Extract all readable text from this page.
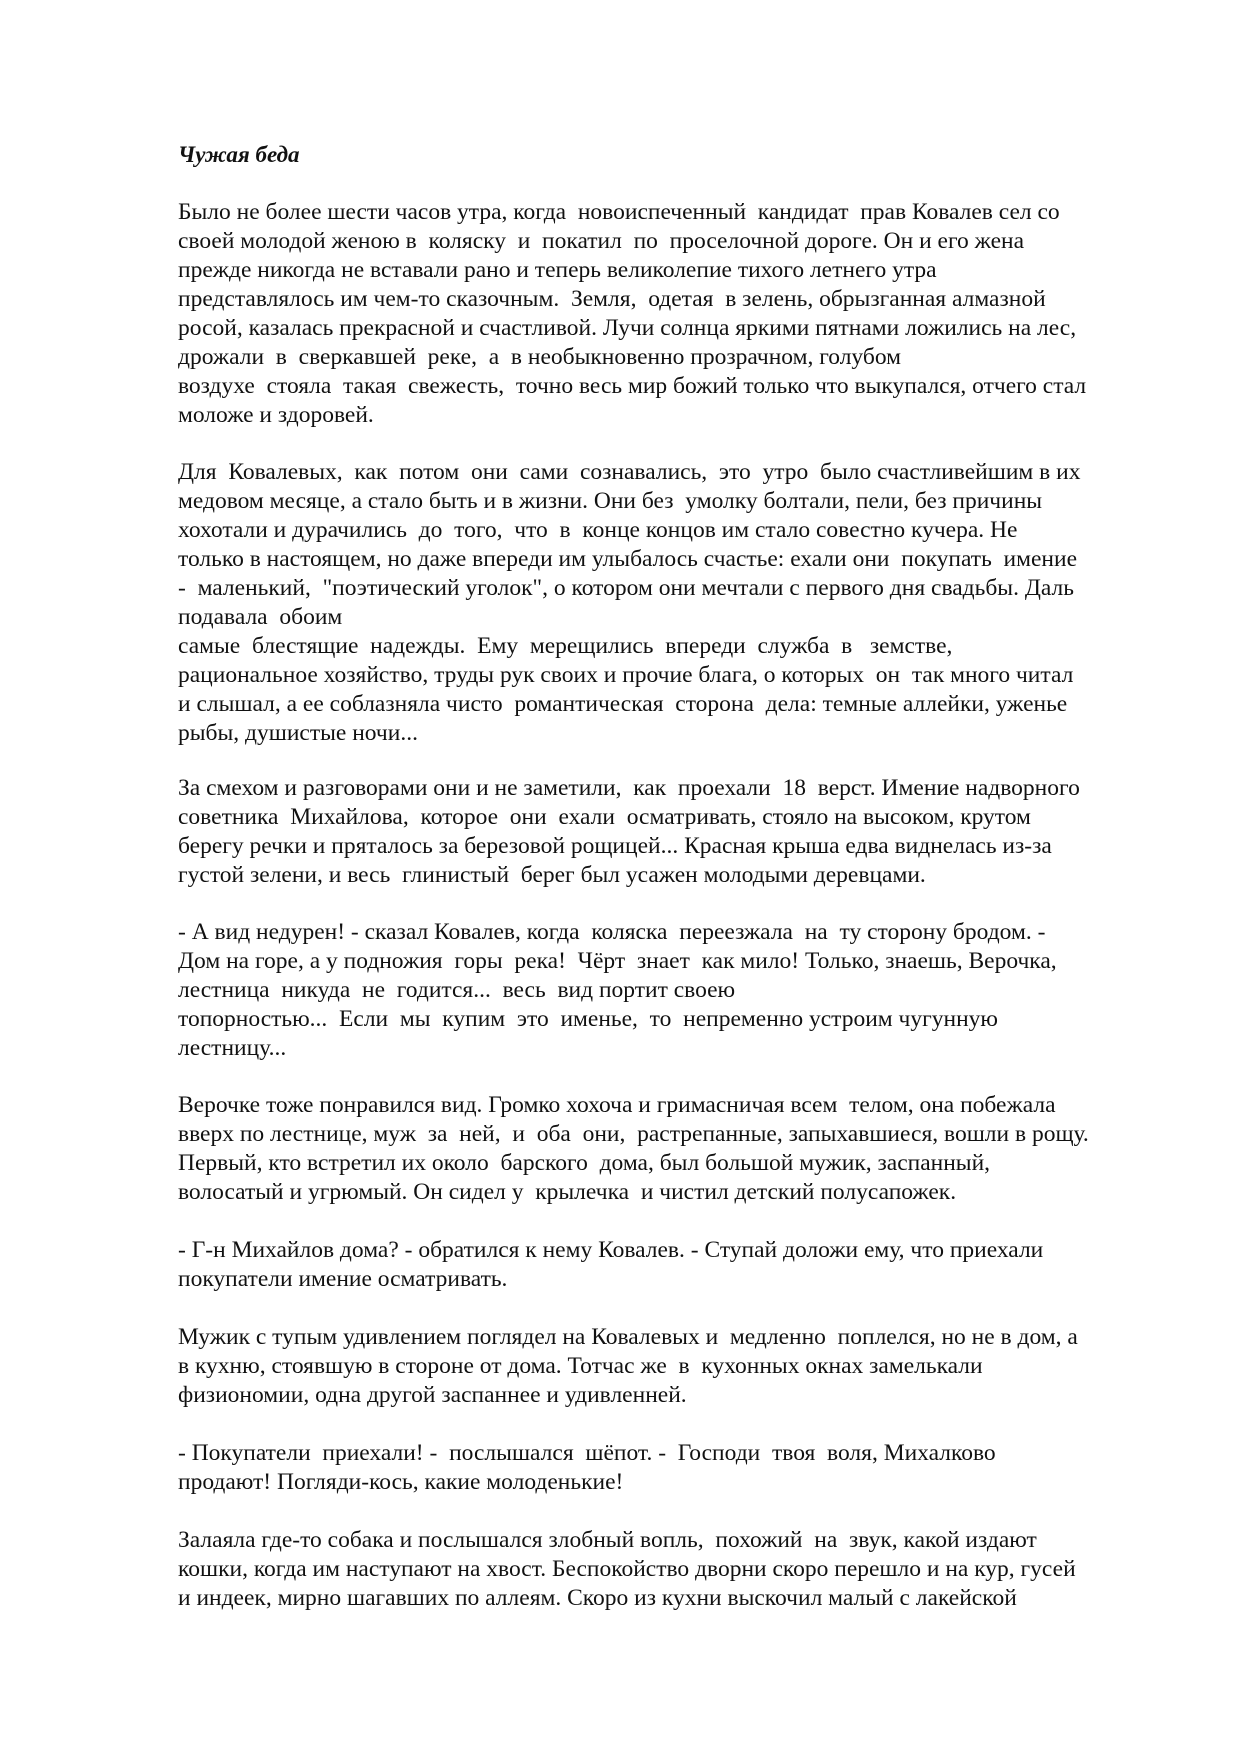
Чужая беда

Было не более шести часов утра, когда  новоиспеченный  кандидат  прав Ковалев сел со
своей молодой женою в  коляску  и  покатил  по  проселочной дороге. Он и его жена
прежде никогда не вставали рано и теперь великолепие тихого летнего утра
представлялось им чем-то сказочным.  Земля,  одетая  в зелень, обрызганная алмазной
росой, казалась прекрасной и счастливой. Лучи солнца яркими пятнами ложились на лес,
дрожали  в  сверкавшей  реке,  а  в необыкновенно прозрачном, голубом
воздухе  стояла  такая  свежесть,  точно весь мир божий только что выкупался, отчего стал
моложе и здоровей.

Для  Ковалевых,  как  потом  они  сами  сознавались,  это  утро  было счастливейшим в их
медовом месяце, а стало быть и в жизни. Они без  умолку болтали, пели, без причины
хохотали и дурачились  до  того,  что  в  конце концов им стало совестно кучера. Не
только в настоящем, но даже впереди им улыбалось счастье: ехали они  покупать  имение
-  маленький,  "поэтический уголок", о котором они мечтали с первого дня свадьбы. Даль
подавала  обоим
самые  блестящие  надежды.  Ему  мерещились  впереди  служба  в   земстве,
рациональное хозяйство, труды рук своих и прочие блага, о которых  он  так много читал
и слышал, а ее соблазняла чисто  романтическая  сторона  дела: темные аллейки, уженье
рыбы, душистые ночи...

За смехом и разговорами они и не заметили,  как  проехали  18  верст. Имение надворного
советника  Михайлова,  которое  они  ехали  осматривать, стояло на высоком, крутом
берегу речки и пряталось за березовой рощицей... Красная крыша едва виднелась из-за
густой зелени, и весь  глинистый  берег был усажен молодыми деревцами.

- А вид недурен! - сказал Ковалев, когда  коляска  переезжала  на  ту сторону бродом. -
Дом на горе, а у подножия  горы  река!  Чёрт  знает  как мило! Только, знаешь, Верочка,
лестница  никуда  не  годится...  весь  вид портит своею
топорностью...  Если  мы  купим  это  именье,  то  непременно устроим чугунную
лестницу...

Верочке тоже понравился вид. Громко хохоча и гримасничая всем  телом, она побежала
вверх по лестнице, муж  за  ней,  и  оба  они,  растрепанные, запыхавшиеся, вошли в рощу.
Первый, кто встретил их около  барского  дома, был большой мужик, заспанный,
волосатый и угрюмый. Он сидел у  крылечка  и чистил детский полусапожек.

- Г-н Михайлов дома? - обратился к нему Ковалев. - Ступай доложи ему, что приехали
покупатели имение осматривать.

Мужик с тупым удивлением поглядел на Ковалевых и  медленно  поплелся, но не в дом, а
в кухню, стоявшую в стороне от дома. Тотчас же  в  кухонных окнах замелькали
физиономии, одна другой заспаннее и удивленней.

- Покупатели  приехали! -  послышался  шёпот. -  Господи  твоя  воля, Михалково
продают! Погляди-кось, какие молоденькие!

Залаяла где-то собака и послышался злобный вопль,  похожий  на  звук, какой издают
кошки, когда им наступают на хвост. Беспокойство дворни скоро перешло и на кур, гусей
и индеек, мирно шагавших по аллеям. Скоро из кухни выскочил малый с лакейской
